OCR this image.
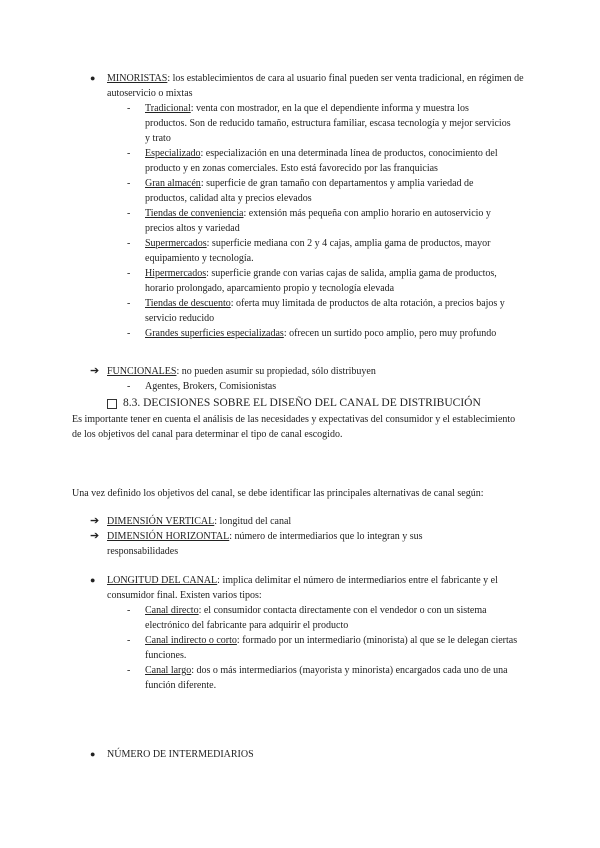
● MINORISTAS: los establecimientos de cara al usuario final pueden ser venta tradicional, en régimen de autoservicio o mixtas
- Tradicional: venta con mostrador, en la que el dependiente informa y muestra los productos. Son de reducido tamaño, estructura familiar, escasa tecnología y mejor servicios y trato
- Especializado: especialización en una determinada línea de productos, conocimiento del producto y en zonas comerciales. Esto está favorecido por las franquicias
- Gran almacén: superficie de gran tamaño con departamentos y amplia variedad de productos, calidad alta y precios elevados
- Tiendas de conveniencia: extensión más pequeña con amplio horario en autoservicio y precios altos y variedad
- Supermercados: superficie mediana con 2 y 4 cajas, amplia gama de productos, mayor equipamiento y tecnología.
- Hipermercados: superficie grande con varias cajas de salida, amplia gama de productos, horario prolongado, aparcamiento propio y tecnología elevada
- Tiendas de descuento: oferta muy limitada de productos de alta rotación, a precios bajos y servicio reducido
- Grandes superficies especializadas: ofrecen un surtido poco amplio, pero muy profundo
➔ FUNCIONALES: no pueden asumir su propiedad, sólo distribuyen
- Agentes, Brokers, Comisionistas
8.3. DECISIONES SOBRE EL DISEÑO DEL CANAL DE DISTRIBUCIÓN
Es importante tener en cuenta el análisis de las necesidades y expectativas del consumidor y el establecimiento de los objetivos del canal para determinar el tipo de canal escogido.
Una vez definido los objetivos del canal, se debe identificar las principales alternativas de canal según:
➔ DIMENSIÓN VERTICAL: longitud del canal
➔ DIMENSIÓN HORIZONTAL: número de intermediarios que lo integran y sus responsabilidades
● LONGITUD DEL CANAL: implica delimitar el número de intermediarios entre el fabricante y el consumidor final. Existen varios tipos:
- Canal directo: el consumidor contacta directamente con el vendedor o con un sistema electrónico del fabricante para adquirir el producto
- Canal indirecto o corto: formado por un intermediario (minorista) al que se le delegan ciertas funciones.
- Canal largo: dos o más intermediarios (mayorista y minorista) encargados cada uno de una función diferente.
● NÚMERO DE INTERMEDIARIOS
